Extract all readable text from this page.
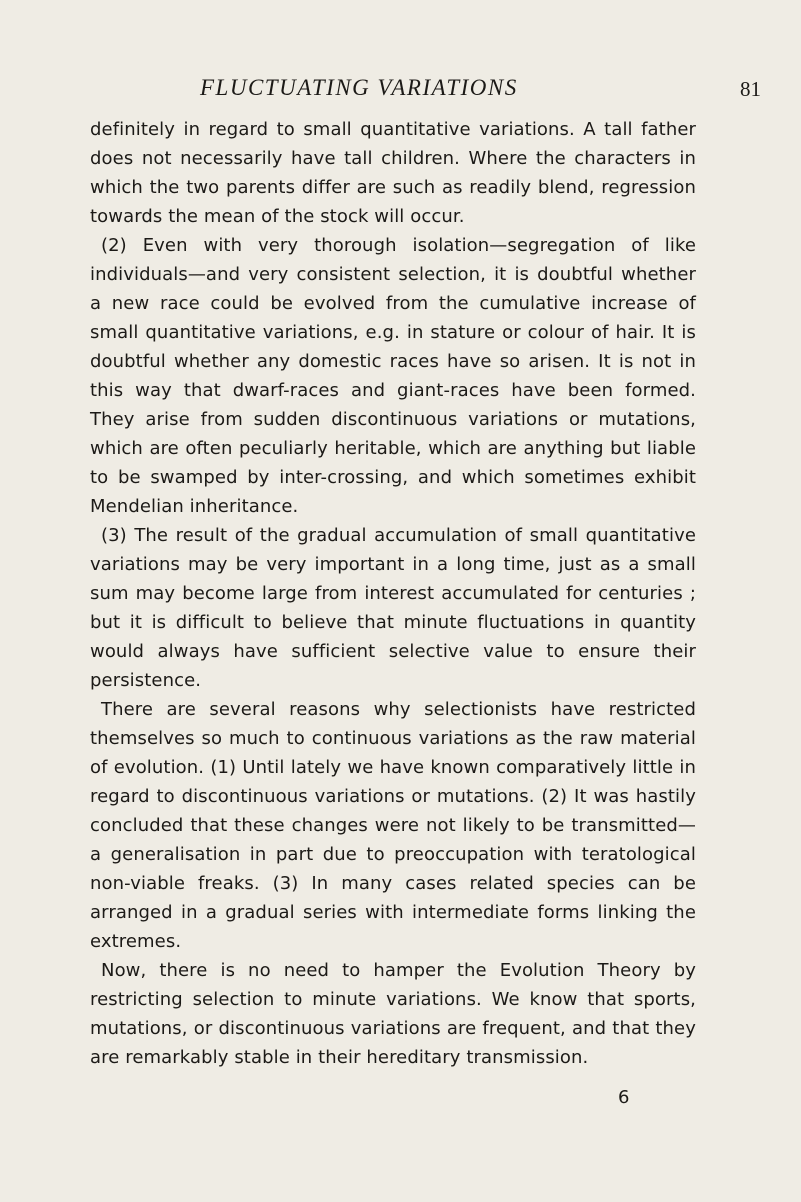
FLUCTUATING VARIATIONS	81

definitely in regard to small quantitative variations. A tall father does not necessarily have tall children. Where the characters in which the two parents differ are such as readily blend, regression towards the mean of the stock will occur.

(2) Even with very thorough isolation—segregation of like individuals—and very consistent selection, it is doubtful whether a new race could be evolved from the cumulative increase of small quantitative variations, e.g. in stature or colour of hair. It is doubtful whether any domestic races have so arisen. It is not in this way that dwarf-races and giant-races have been formed. They arise from sudden discontinuous variations or mutations, which are often peculiarly heritable, which are anything but liable to be swamped by inter-crossing, and which sometimes exhibit Mendelian inheritance.

(3) The result of the gradual accumulation of small quantitative variations may be very important in a long time, just as a small sum may become large from interest accumulated for centuries ; but it is difficult to believe that minute fluctuations in quantity would always have sufficient selective value to ensure their persistence.

There are several reasons why selectionists have restricted themselves so much to continuous variations as the raw material of evolution. (1) Until lately we have known comparatively little in regard to discontinuous variations or mutations. (2) It was hastily concluded that these changes were not likely to be transmitted—a generalisation in part due to preoccupation with teratological non-viable freaks. (3) In many cases related species can be arranged in a gradual series with intermediate forms linking the extremes.

Now, there is no need to hamper the Evolution Theory by restricting selection to minute variations. We know that sports, mutations, or discontinuous variations are frequent, and that they are remarkably stable in their hereditary transmission.

6
